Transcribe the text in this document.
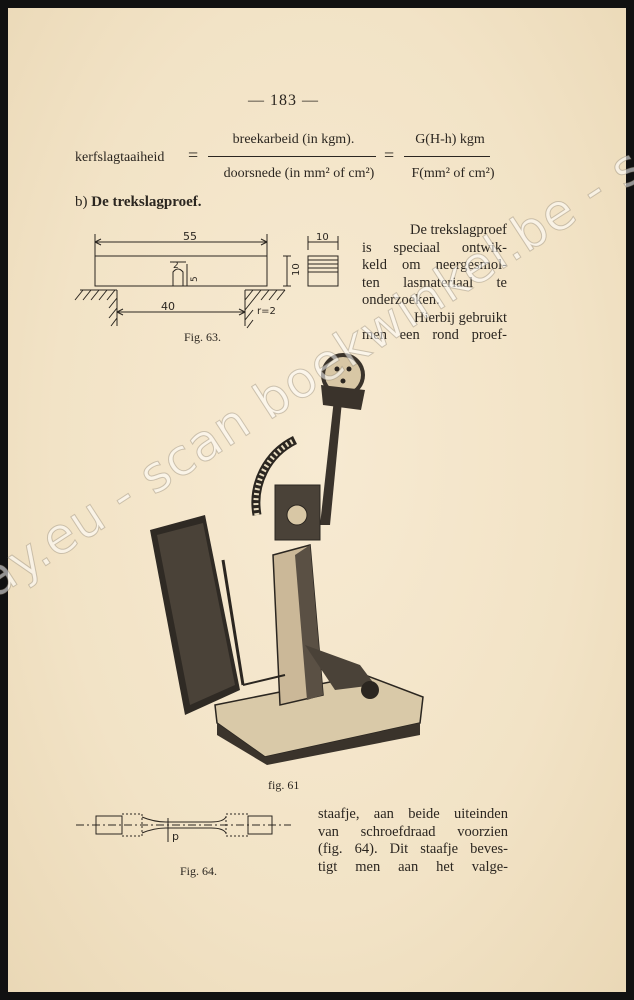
— 183 —
kerfslagtaaiheid =
breekarbeid (in kgm).
doorsnede (in mm² of cm²)
=
G(H-h) kgm
F(mm² of cm²)
b) De trekslagproef.
De trekslagproef
is speciaal ontwik-
keld om neergesmol-
ten lasmateriaal te
onderzoeken.
Hierbij gebruikt
men een rond proef-
55
2
5
40	r=2
10
10
Fig. 63.
fig. 61
p
Fig. 64.
staafje, aan beide uiteinden
van schroefdraad voorzien
(fig. 64). Dit staafje beves-
tigt men aan het valge-
ay.eu - scan boekwinkel.be - scan
